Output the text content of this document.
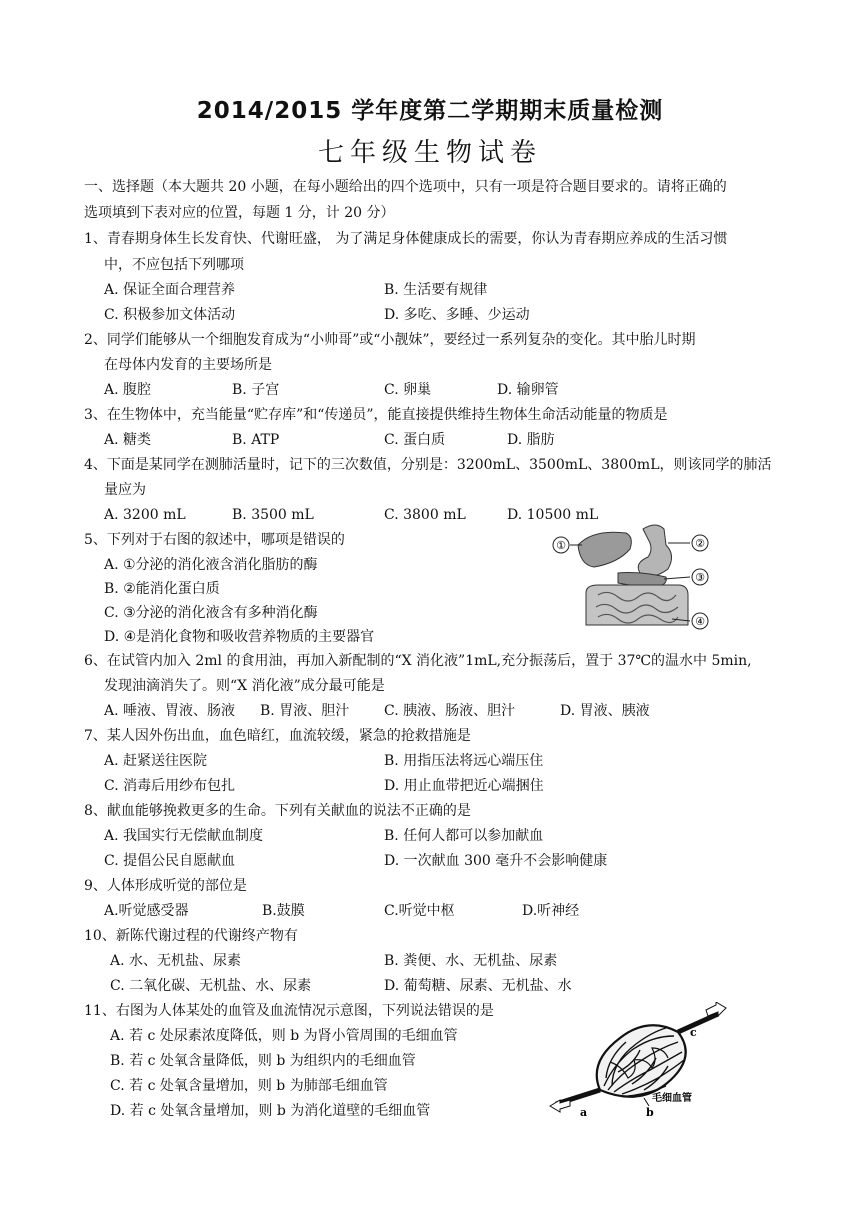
2014/2015 学年度第二学期期末质量检测
七年级生物试卷
一、选择题（本大题共 20 小题，在每小题给出的四个选项中，只有一项是符合题目要求的。请将正确的
选项填到下表对应的位置，每题 1 分，计 20 分）
1、青春期身体生长发育快、代谢旺盛， 为了满足身体健康成长的需要，你认为青春期应养成的生活习惯
中，不应包括下列哪项
A. 保证全面合理营养	B. 生活要有规律
C. 积极参加文体活动	D. 多吃、多睡、少运动
2、同学们能够从一个细胞发育成为“小帅哥”或“小靓妹”，要经过一系列复杂的变化。其中胎儿时期
在母体内发育的主要场所是
A. 腹腔	B. 子宫	C. 卵巢	D. 输卵管
3、在生物体中，充当能量“贮存库”和“传递员”，能直接提供维持生物体生命活动能量的物质是
A. 糖类	B. ATP	C. 蛋白质	D. 脂肪
4、下面是某同学在测肺活量时，记下的三次数值，分别是：3200mL、3500mL、3800mL，则该同学的肺活
量应为
A. 3200 mL	B. 3500 mL	C. 3800 mL	D. 10500 mL
5、下列对于右图的叙述中，哪项是错误的
A. ①分泌的消化液含消化脂肪的酶
B. ②能消化蛋白质
C. ③分泌的消化液含有多种消化酶
D. ④是消化食物和吸收营养物质的主要器官
①	②
③
④
6、在试管内加入 2ml 的食用油，再加入新配制的“X 消化液”1mL,充分振荡后，置于 37℃的温水中 5min,
发现油滴消失了。则“X 消化液”成分最可能是
A. 唾液、胃液、肠液 B. 胃液、胆汁 C. 胰液、肠液、胆汁	D. 胃液、胰液
7、某人因外伤出血，血色暗红，血流较缓，紧急的抢救措施是
A. 赶紧送往医院	B. 用指压法将远心端压住
C. 消毒后用纱布包扎	D. 用止血带把近心端捆住
8、献血能够挽救更多的生命。下列有关献血的说法不正确的是
A. 我国实行无偿献血制度	B. 任何人都可以参加献血
C. 提倡公民自愿献血	D. 一次献血 300 毫升不会影响健康
9、人体形成听觉的部位是
A.听觉感受器	B.鼓膜	C.听觉中枢	D.听神经
10、新陈代谢过程的代谢终产物有
A. 水、无机盐、尿素	B. 粪便、水、无机盐、尿素
C. 二氧化碳、无机盐、水、尿素	D. 葡萄糖、尿素、无机盐、水
11、右图为人体某处的血管及血流情况示意图，下列说法错误的是
A. 若 c 处尿素浓度降低，则 b 为肾小管周围的毛细血管
B. 若 c 处氧含量降低，则 b 为组织内的毛细血管
C. 若 c 处氧含量增加，则 b 为肺部毛细血管
D. 若 c 处氧含量增加，则 b 为消化道壁的毛细血管	a	b
c
毛细血管
